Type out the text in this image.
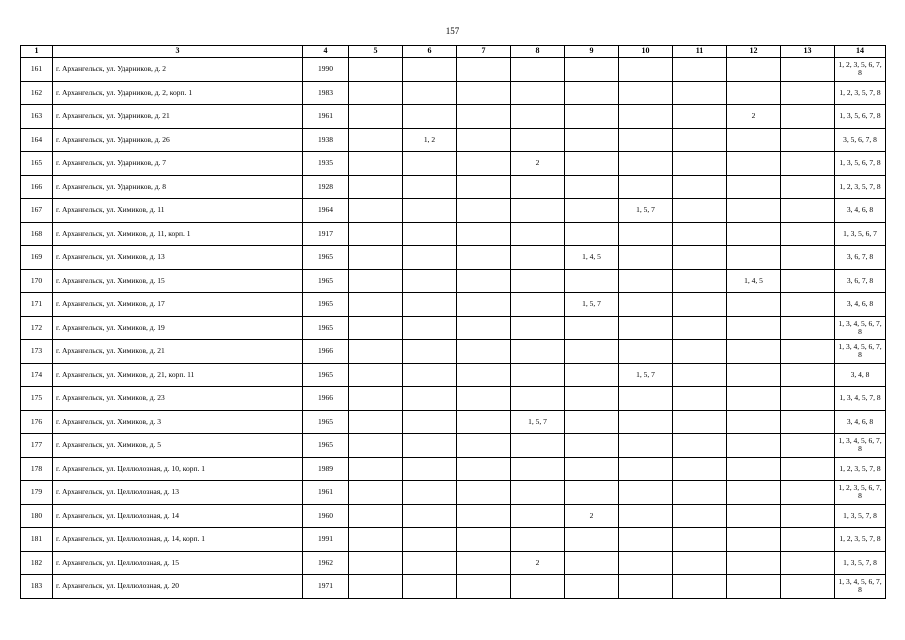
157
1	3	4	5	6	7	8	9	10	11	12	13	14
161	г. Архангельск, ул. Ударников, д. 2	1990										1, 2, 3, 5, 6, 7, 8
162	г. Архангельск, ул. Ударников, д. 2, корп. 1	1983										1, 2, 3, 5, 7, 8
163	г. Архангельск, ул. Ударников, д. 21	1961								2		1, 3, 5, 6, 7, 8
164	г. Архангельск, ул. Ударников, д. 26	1938		1, 2								3, 5, 6, 7, 8
165	г. Архангельск, ул. Ударников, д. 7	1935				2						1, 3, 5, 6, 7, 8
166	г. Архангельск, ул. Ударников, д. 8	1928										1, 2, 3, 5, 7, 8
167	г. Архангельск, ул. Химиков, д. 11	1964						1, 5, 7				3, 4, 6, 8
168	г. Архангельск, ул. Химиков, д. 11, корп. 1	1917										1, 3, 5, 6, 7
169	г. Архангельск, ул. Химиков, д. 13	1965					1, 4, 5					3, 6, 7, 8
170	г. Архангельск, ул. Химиков, д. 15	1965								1, 4, 5		3, 6, 7, 8
171	г. Архангельск, ул. Химиков, д. 17	1965					1, 5, 7					3, 4, 6, 8
172	г. Архангельск, ул. Химиков, д. 19	1965										1, 3, 4, 5, 6, 7, 8
173	г. Архангельск, ул. Химиков, д. 21	1966										1, 3, 4, 5, 6, 7, 8
174	г. Архангельск, ул. Химиков, д. 21, корп. 11	1965						1, 5, 7				3, 4, 8
175	г. Архангельск, ул. Химиков, д. 23	1966										1, 3, 4, 5, 7, 8
176	г. Архангельск, ул. Химиков, д. 3	1965				1, 5, 7						3, 4, 6, 8
177	г. Архангельск, ул. Химиков, д. 5	1965										1, 3, 4, 5, 6, 7, 8
178	г. Архангельск, ул. Целлюлозная, д. 10, корп. 1	1989										1, 2, 3, 5, 7, 8
179	г. Архангельск, ул. Целлюлозная, д. 13	1961										1, 2, 3, 5, 6, 7, 8
180	г. Архангельск, ул. Целлюлозная, д. 14	1960					2					1, 3, 5, 7, 8
181	г. Архангельск, ул. Целлюлозная, д. 14, корп. 1	1991										1, 2, 3, 5, 7, 8
182	г. Архангельск, ул. Целлюлозная, д. 15	1962				2						1, 3, 5, 7, 8
183	г. Архангельск, ул. Целлюлозная, д. 20	1971										1, 3, 4, 5, 6, 7, 8
